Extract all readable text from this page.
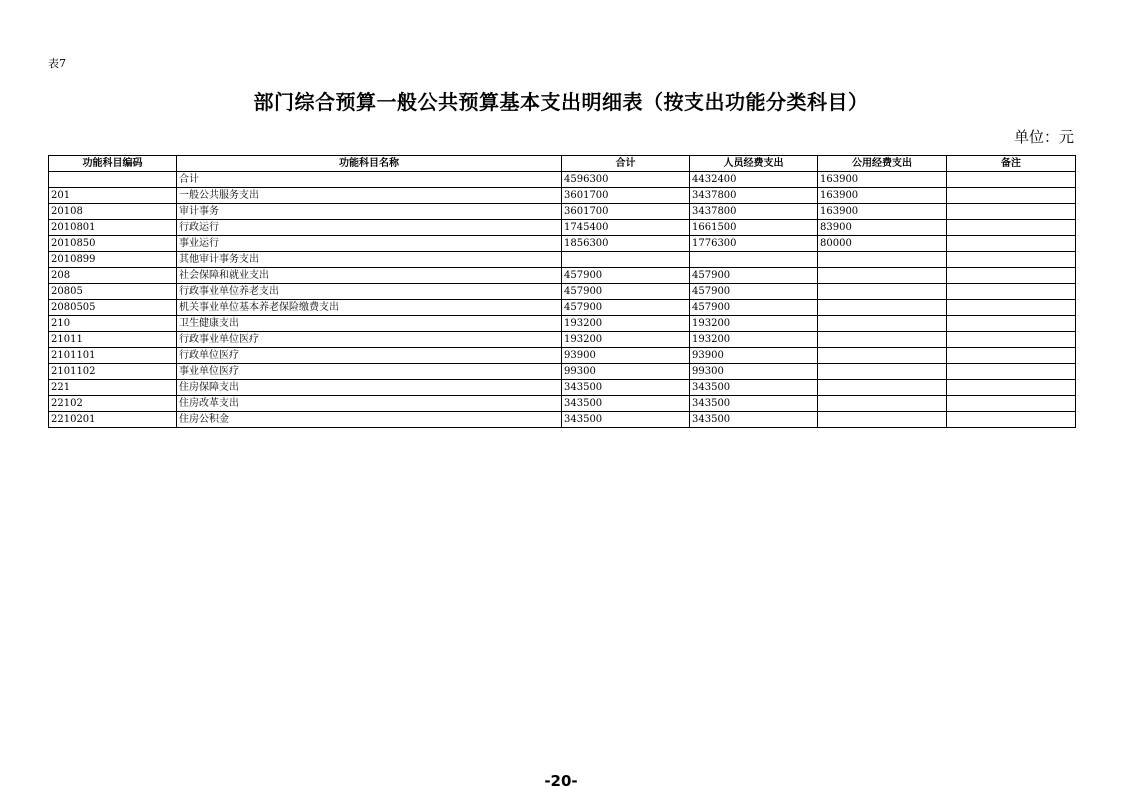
表7
部门综合预算一般公共预算基本支出明细表（按支出功能分类科目）
单位：元
功能科目编码	功能科目名称	合计	人员经费支出	公用经费支出	备注
	合计	4596300	4432400	163900	
201	一般公共服务支出	3601700	3437800	163900	
20108	审计事务	3601700	3437800	163900	
2010801	行政运行	1745400	1661500	83900	
2010850	事业运行	1856300	1776300	80000	
2010899	其他审计事务支出				
208	社会保障和就业支出	457900	457900		
20805	行政事业单位养老支出	457900	457900		
2080505	机关事业单位基本养老保险缴费支出	457900	457900		
210	卫生健康支出	193200	193200		
21011	行政事业单位医疗	193200	193200		
2101101	行政单位医疗	93900	93900		
2101102	事业单位医疗	99300	99300		
221	住房保障支出	343500	343500		
22102	住房改革支出	343500	343500		
2210201	住房公积金	343500	343500		
-20-
